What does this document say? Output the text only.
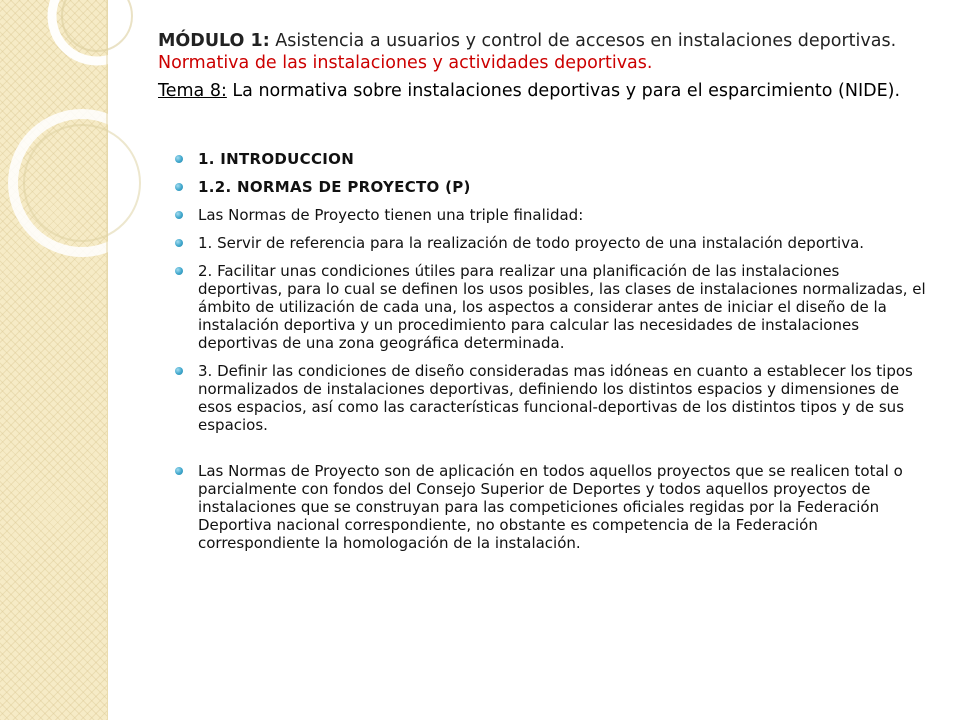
MÓDULO 1: Asistencia a usuarios y control de accesos en instalaciones deportivas.
Normativa de las instalaciones y actividades deportivas.
Tema 8: La normativa sobre instalaciones deportivas y para el esparcimiento (NIDE).
1. INTRODUCCION
1.2. NORMAS DE PROYECTO (P)
Las Normas de Proyecto tienen una triple finalidad:
1. Servir de referencia para la realización de todo proyecto de una instalación deportiva.
2. Facilitar unas condiciones útiles para realizar una planificación de las instalaciones deportivas, para lo cual se definen los usos posibles, las clases de instalaciones normalizadas, el ámbito de utilización de cada una, los aspectos a considerar antes de iniciar el diseño de la instalación deportiva y un procedimiento para calcular las necesidades de instalaciones deportivas de una zona geográfica determinada.
3. Definir las condiciones de diseño consideradas mas idóneas en cuanto a establecer los tipos normalizados de instalaciones deportivas, definiendo los distintos espacios y dimensiones de esos espacios, así como las características funcional-deportivas de los distintos tipos y de sus espacios.
Las Normas de Proyecto son de aplicación en todos aquellos proyectos que se realicen total o parcialmente con fondos del Consejo Superior de Deportes y todos aquellos proyectos de instalaciones que se construyan para las competiciones oficiales regidas por la Federación Deportiva nacional correspondiente, no obstante es competencia de la Federación correspondiente la homologación de la instalación.
